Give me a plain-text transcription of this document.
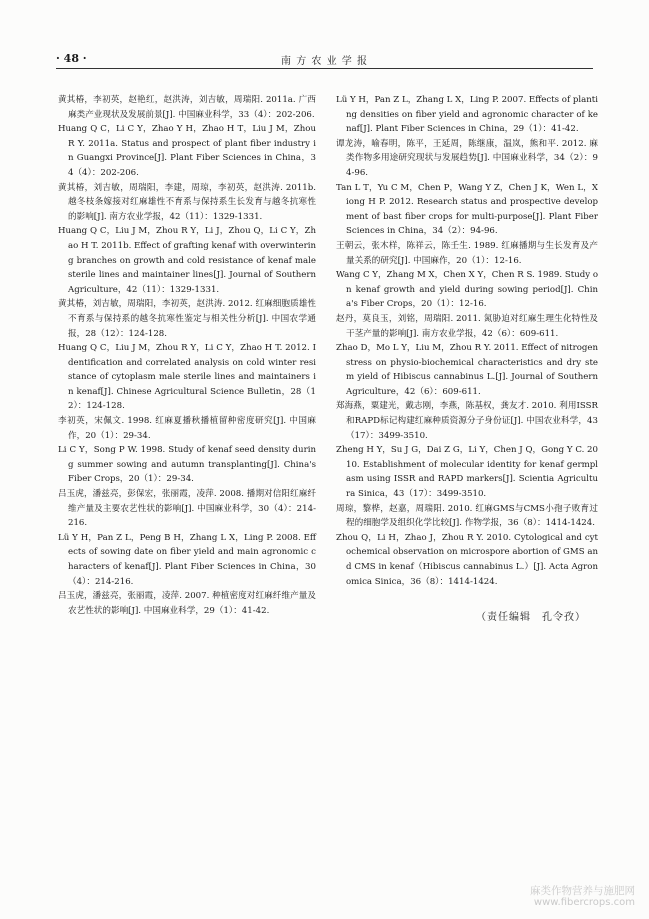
· 48 ·	南 方 农 业 学 报

黄其椿，李初英，赵艳红，赵洪涛，刘吉敏，周瑞阳. 2011a. 广西麻类产业现状及发展前景[J]. 中国麻业科学，33（4）：202-206.

Huang Q C，Li C Y，Zhao Y H，Zhao H T，Liu J M，Zhou R Y. 2011a. Status and prospect of plant fiber industry in Guangxi Province[J]. Plant Fiber Sciences in China，34（4）：202-206.

黄其椿，刘吉敏，周瑞阳，李建，周琼，李初英，赵洪涛. 2011b. 越冬枝条嫁接对红麻雄性不育系与保持系生长发育与越冬抗寒性的影响[J]. 南方农业学报，42（11）：1329-1331.

Huang Q C，Liu J M，Zhou R Y，Li J，Zhou Q，Li C Y，Zhao H T. 2011b. Effect of grafting kenaf with overwintering branches on growth and cold resistance of kenaf male sterile lines and maintainer lines[J]. Journal of Southern Agriculture，42（11）：1329-1331.

黄其椿，刘吉敏，周瑞阳，李初英，赵洪涛. 2012. 红麻细胞质雄性不育系与保持系的越冬抗寒性鉴定与相关性分析[J]. 中国农学通报，28（12）：124-128.

Huang Q C，Liu J M，Zhou R Y，Li C Y，Zhao H T. 2012. Identification and correlated analysis on cold winter resistance of cytoplasm male sterile lines and maintainers in kenaf[J]. Chinese Agricultural Science Bulletin，28（12）：124-128.

李初英，宋佩文. 1998. 红麻夏播秋播植留种密度研究[J]. 中国麻作，20（1）：29-34.

Li C Y，Song P W. 1998. Study of kenaf seed density during summer sowing and autumn transplanting[J]. China's Fiber Crops，20（1）：29-34.

吕玉虎，潘兹亮，彭保宏，张丽霞，凌萍. 2008. 播期对信阳红麻纤维产量及主要农艺性状的影响[J]. 中国麻业科学，30（4）：214-216.

Lü Y H，Pan Z L，Peng B H，Zhang L X，Ling P. 2008. Effects of sowing date on fiber yield and main agronomic characters of kenaf[J]. Plant Fiber Sciences in China，30（4）：214-216.

吕玉虎，潘兹亮，张丽霞，凌萍. 2007. 种植密度对红麻纤维产量及农艺性状的影响[J]. 中国麻业科学，29（1）：41-42.

Lü Y H，Pan Z L，Zhang L X，Ling P. 2007. Effects of planting densities on fiber yield and agronomic character of kenaf[J]. Plant Fiber Sciences in China，29（1）：41-42.

谭龙涛，喻春明，陈平，王延周，陈继康，温岚，熊和平. 2012. 麻类作物多用途研究现状与发展趋势[J]. 中国麻业科学，34（2）：94-96.

Tan L T，Yu C M，Chen P，Wang Y Z，Chen J K，Wen L，Xiong H P. 2012. Research status and prospective development of bast fiber crops for multi-purpose[J]. Plant Fiber Sciences in China，34（2）：94-96.

王朝云，张木样，陈祥云，陈壬生. 1989. 红麻播期与生长发育及产量关系的研究[J]. 中国麻作，20（1）：12-16.

Wang C Y，Zhang M X，Chen X Y，Chen R S. 1989. Study on kenaf growth and yield during sowing period[J]. China's Fiber Crops，20（1）：12-16.

赵丹，莫良玉，刘铭，周瑞阳. 2011. 氮胁迫对红麻生理生化特性及干茎产量的影响[J]. 南方农业学报，42（6）：609-611.

Zhao D，Mo L Y，Liu M，Zhou R Y. 2011. Effect of nitrogen stress on physio-biochemical characteristics and dry stem yield of Hibiscus cannabinus L.[J]. Journal of Southern Agriculture，42（6）：609-611.

郑海燕，粟建光，戴志刚，李燕，陈基权，龚友才. 2010. 利用ISSR和RAPD标记构建红麻种质资源分子身份证[J]. 中国农业科学，43（17）：3499-3510.

Zheng H Y，Su J G，Dai Z G，Li Y，Chen J Q，Gong Y C. 2010. Establishment of molecular identity for kenaf germplasm using ISSR and RAPD markers[J]. Scientia Agricultura Sinica，43（17）：3499-3510.

周琼，黎桦，赵嘉，周瑞阳. 2010. 红麻GMS与CMS小孢子败育过程的细胞学及组织化学比较[J]. 作物学报，36（8）：1414-1424.

Zhou Q，Li H，Zhao J，Zhou R Y. 2010. Cytological and cytochemical observation on microspore abortion of GMS and CMS in kenaf（Hibiscus cannabinus L.）[J]. Acta Agronomica Sinica，36（8）：1414-1424.

（责任编辑　孔令孜）
麻类作物营养与施肥网
www.fibercrops.com
